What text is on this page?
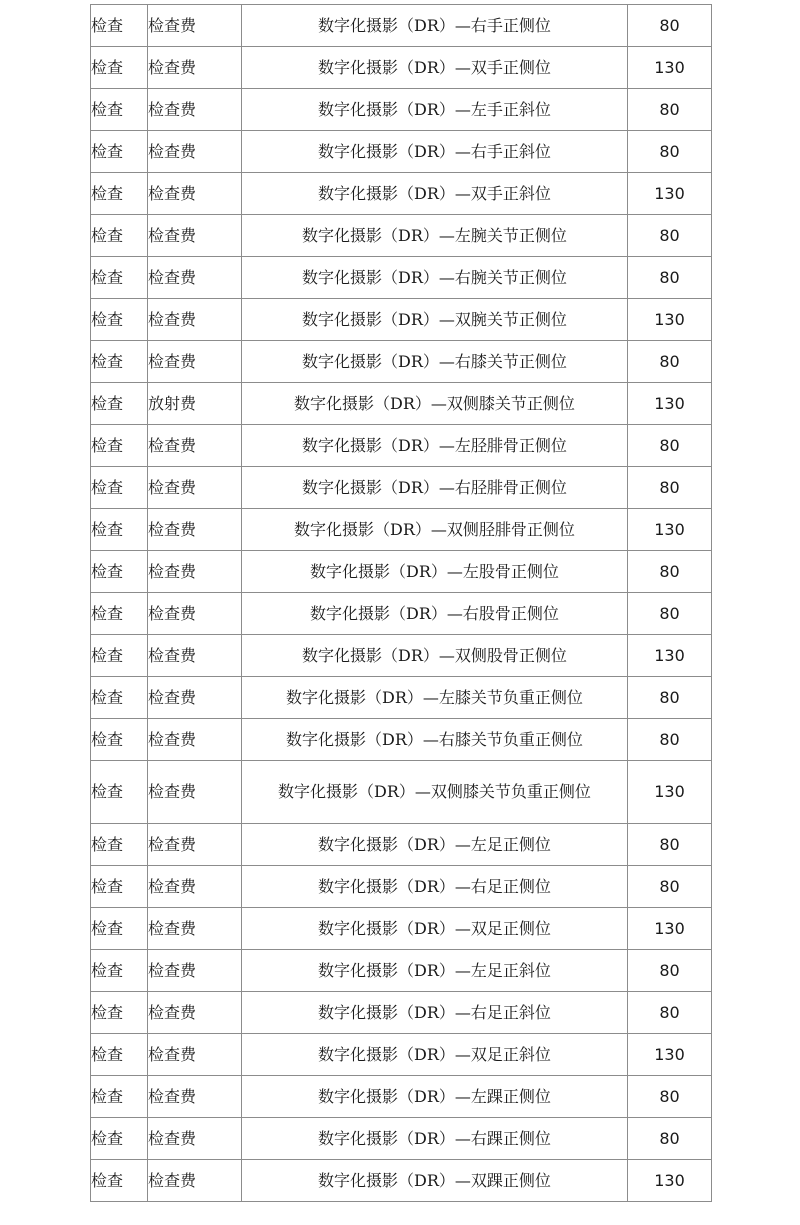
检查	检查费	数字化摄影（DR）—右手正侧位	80
检查	检查费	数字化摄影（DR）—双手正侧位	130
检查	检查费	数字化摄影（DR）—左手正斜位	80
检查	检查费	数字化摄影（DR）—右手正斜位	80
检查	检查费	数字化摄影（DR）—双手正斜位	130
检查	检查费	数字化摄影（DR）—左腕关节正侧位	80
检查	检查费	数字化摄影（DR）—右腕关节正侧位	80
检查	检查费	数字化摄影（DR）—双腕关节正侧位	130
检查	检查费	数字化摄影（DR）—右膝关节正侧位	80
检查	放射费	数字化摄影（DR）—双侧膝关节正侧位	130
检查	检查费	数字化摄影（DR）—左胫腓骨正侧位	80
检查	检查费	数字化摄影（DR）—右胫腓骨正侧位	80
检查	检查费	数字化摄影（DR）—双侧胫腓骨正侧位	130
检查	检查费	数字化摄影（DR）—左股骨正侧位	80
检查	检查费	数字化摄影（DR）—右股骨正侧位	80
检查	检查费	数字化摄影（DR）—双侧股骨正侧位	130
检查	检查费	数字化摄影（DR）—左膝关节负重正侧位	80
检查	检查费	数字化摄影（DR）—右膝关节负重正侧位	80
检查	检查费	数字化摄影（DR）—双侧膝关节负重正侧位	130
检查	检查费	数字化摄影（DR）—左足正侧位	80
检查	检查费	数字化摄影（DR）—右足正侧位	80
检查	检查费	数字化摄影（DR）—双足正侧位	130
检查	检查费	数字化摄影（DR）—左足正斜位	80
检查	检查费	数字化摄影（DR）—右足正斜位	80
检查	检查费	数字化摄影（DR）—双足正斜位	130
检查	检查费	数字化摄影（DR）—左踝正侧位	80
检查	检查费	数字化摄影（DR）—右踝正侧位	80
检查	检查费	数字化摄影（DR）—双踝正侧位	130
